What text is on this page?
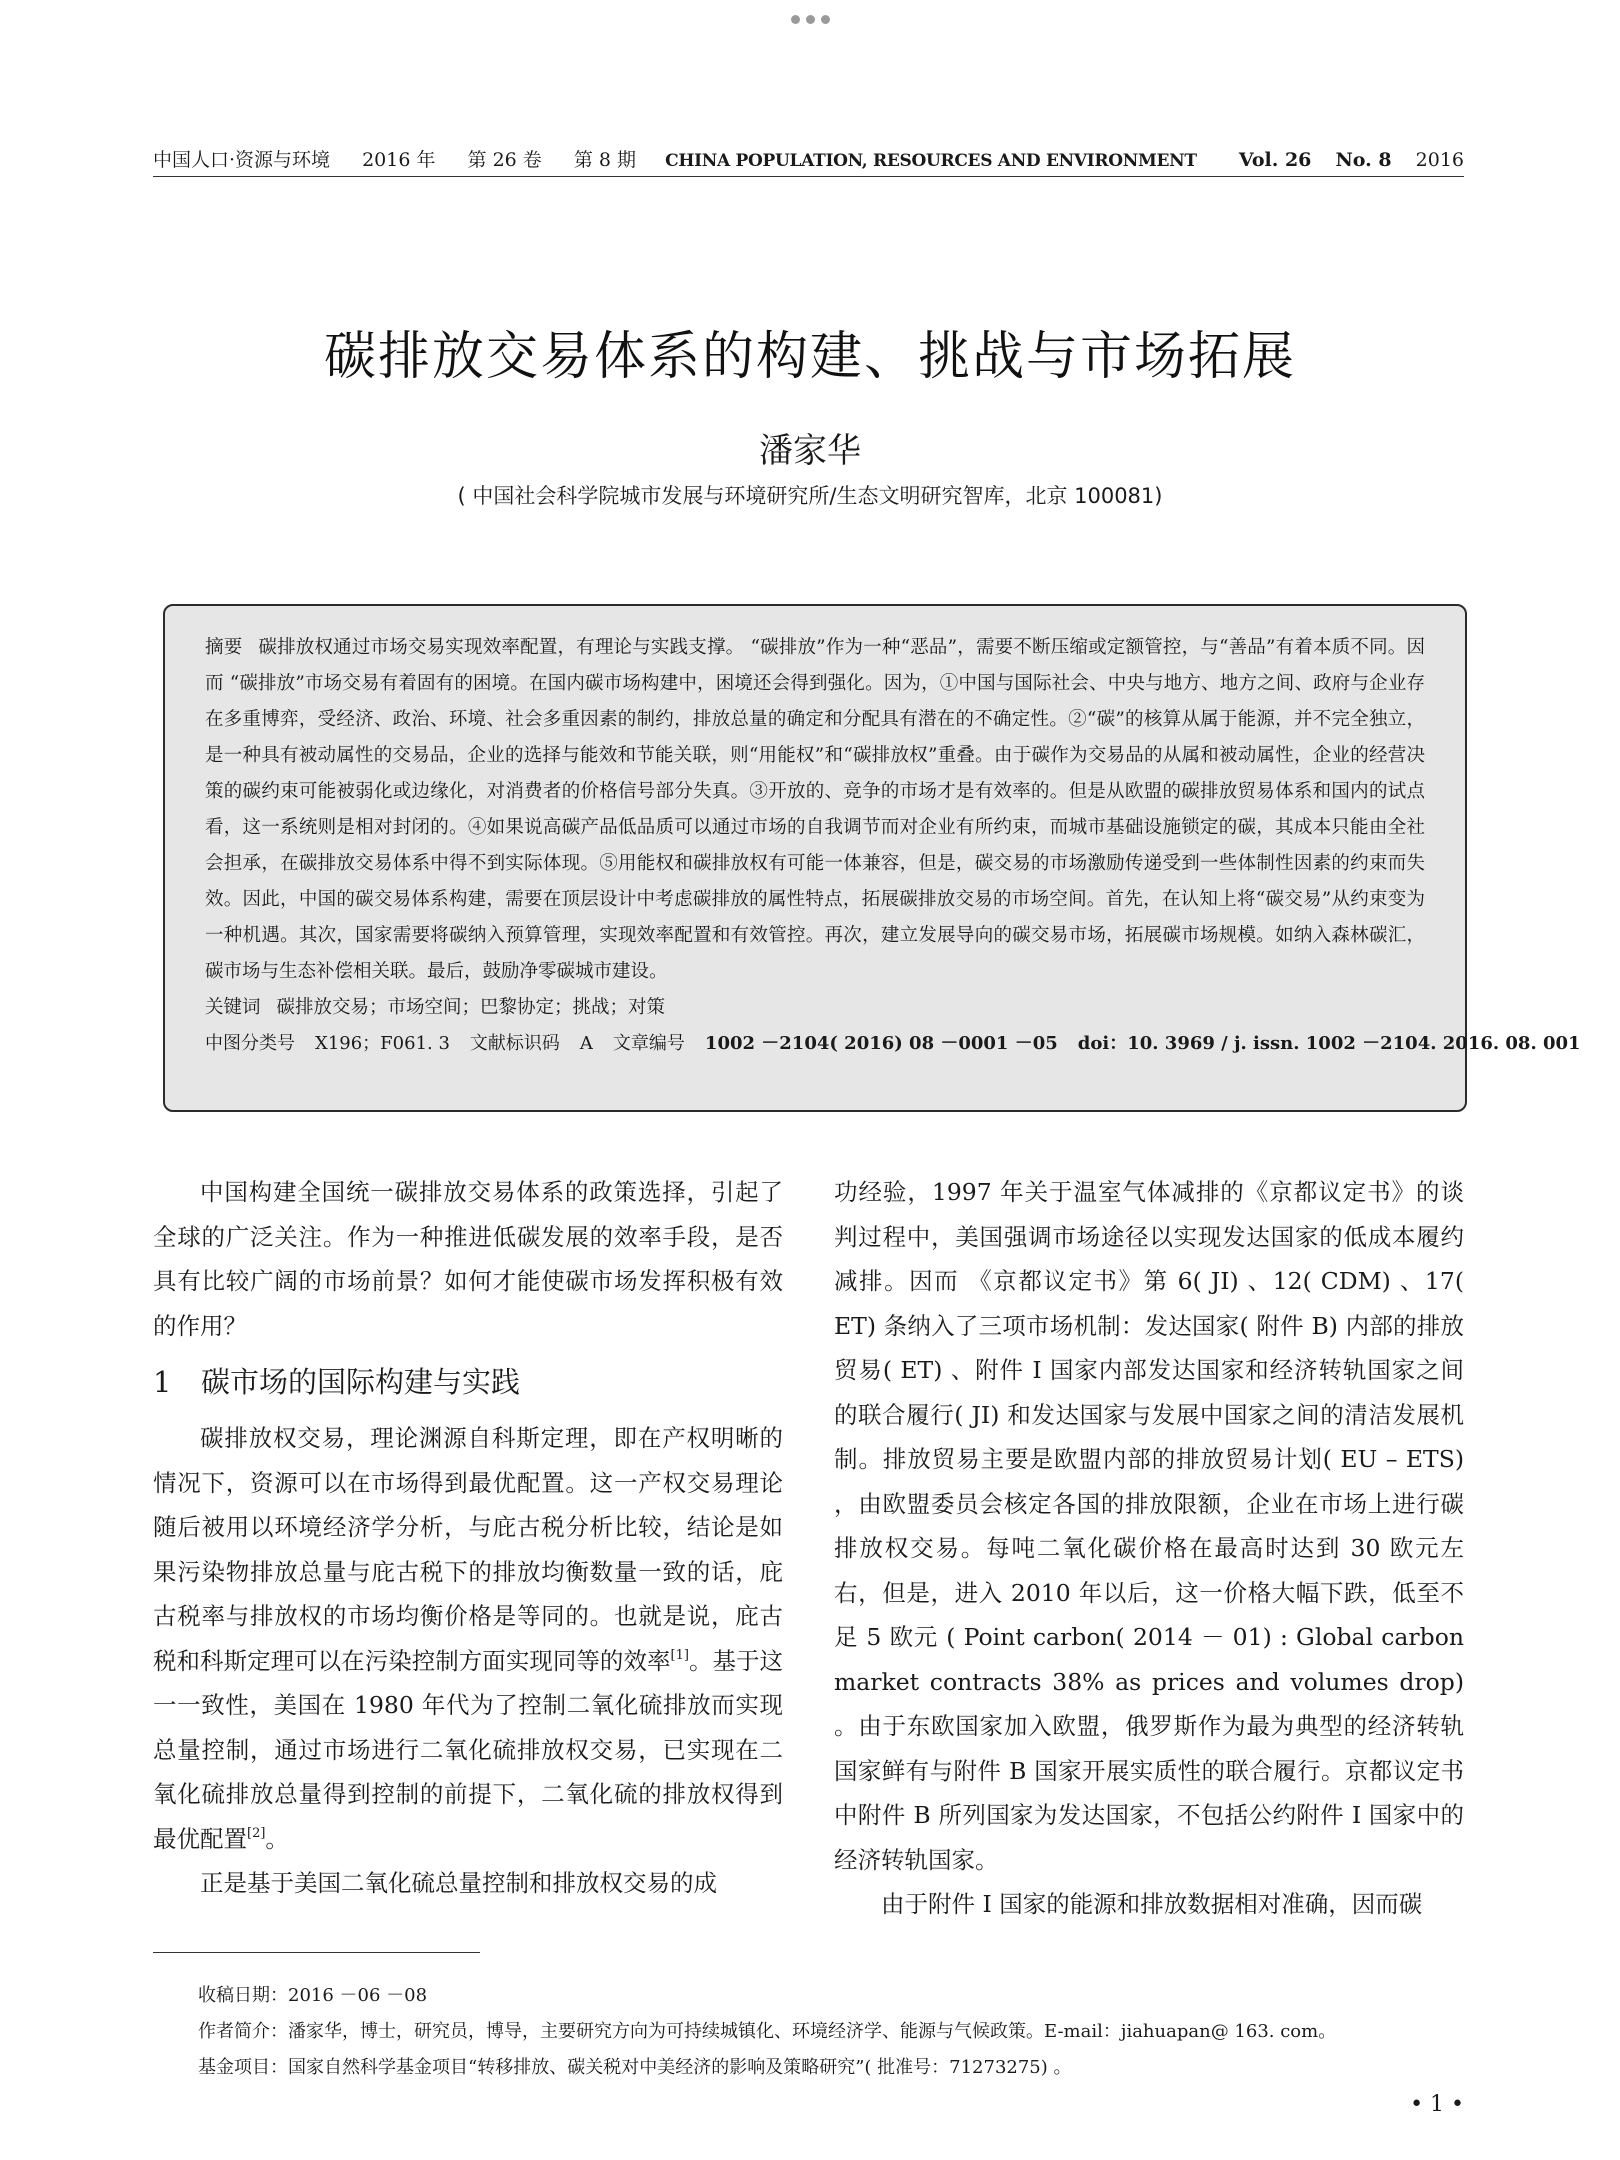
中国人口·资源与环境 2016 年 第 26 卷 第 8 期	CHINA POPULATION, RESOURCES AND ENVIRONMENT Vol. 26 No. 8 2016
碳排放交易体系的构建、挑战与市场拓展
潘家华
( 中国社会科学院城市发展与环境研究所/生态文明研究智库，北京 100081)
摘要 碳排放权通过市场交易实现效率配置，有理论与实践支撑。 “碳排放”作为一种“恶品”，需要不断压缩或定额管控，与“善品”有着本质不同。因而 “碳排放”市场交易有着固有的困境。在国内碳市场构建中，困境还会得到强化。因为，①中国与国际社会、中央与地方、地方之间、政府与企业存在多重博弈，受经济、政治、环境、社会多重因素的制约，排放总量的确定和分配具有潜在的不确定性。②“碳”的核算从属于能源，并不完全独立，是一种具有被动属性的交易品，企业的选择与能效和节能关联，则“用能权”和“碳排放权”重叠。由于碳作为交易品的从属和被动属性，企业的经营决策的碳约束可能被弱化或边缘化，对消费者的价格信号部分失真。③开放的、竞争的市场才是有效率的。但是从欧盟的碳排放贸易体系和国内的试点看，这一系统则是相对封闭的。④如果说高碳产品低品质可以通过市场的自我调节而对企业有所约束，而城市基础设施锁定的碳，其成本只能由全社会担承，在碳排放交易体系中得不到实际体现。⑤用能权和碳排放权有可能一体兼容，但是，碳交易的市场激励传递受到一些体制性因素的约束而失效。因此，中国的碳交易体系构建，需要在顶层设计中考虑碳排放的属性特点，拓展碳排放交易的市场空间。首先，在认知上将“碳交易”从约束变为一种机遇。其次，国家需要将碳纳入预算管理，实现效率配置和有效管控。再次，建立发展导向的碳交易市场，拓展碳市场规模。如纳入森林碳汇，碳市场与生态补偿相关联。最后，鼓励净零碳城市建设。
关键词 碳排放交易；市场空间；巴黎协定；挑战；对策
中图分类号 X196；F061. 3 文献标识码 A 文章编号 1002 －2104( 2016) 08 －0001 －05 doi：10. 3969 / j. issn. 1002 －2104. 2016. 08. 001

中国构建全国统一碳排放交易体系的政策选择，引起了全球的广泛关注。作为一种推进低碳发展的效率手段，是否具有比较广阔的市场前景？如何才能使碳市场发挥积极有效的作用？

1 碳市场的国际构建与实践

碳排放权交易，理论渊源自科斯定理，即在产权明晰的情况下，资源可以在市场得到最优配置。这一产权交易理论随后被用以环境经济学分析，与庇古税分析比较，结论是如果污染物排放总量与庇古税下的排放均衡数量一致的话，庇古税率与排放权的市场均衡价格是等同的。也就是说，庇古税和科斯定理可以在污染控制方面实现同等的效率[1]。基于这一一致性，美国在 1980 年代为了控制二氧化硫排放而实现总量控制，通过市场进行二氧化硫排放权交易，已实现在二氧化硫排放总量得到控制的前提下，二氧化硫的排放权得到最优配置[2]。

正是基于美国二氧化硫总量控制和排放权交易的成

功经验，1997 年关于温室气体减排的《京都议定书》的谈判过程中，美国强调市场途径以实现发达国家的低成本履约减排。因而 《京都议定书》第 6( JI) 、12( CDM) 、17( ET) 条纳入了三项市场机制：发达国家( 附件 B) 内部的排放贸易( ET) 、附件 I 国家内部发达国家和经济转轨国家之间的联合履行( JI) 和发达国家与发展中国家之间的清洁发展机制。排放贸易主要是欧盟内部的排放贸易计划( EU – ETS) ，由欧盟委员会核定各国的排放限额，企业在市场上进行碳排放权交易。每吨二氧化碳价格在最高时达到 30 欧元左右，但是，进入 2010 年以后，这一价格大幅下跌，低至不足 5 欧元 ( Point carbon( 2014 － 01) : Global carbon market contracts 38% as prices and volumes drop) 。由于东欧国家加入欧盟，俄罗斯作为最为典型的经济转轨国家鲜有与附件 B 国家开展实质性的联合履行。京都议定书中附件 B 所列国家为发达国家，不包括公约附件 I 国家中的经济转轨国家。

由于附件 I 国家的能源和排放数据相对准确，因而碳

收稿日期：2016 －06 －08
作者简介：潘家华，博士，研究员，博导，主要研究方向为可持续城镇化、环境经济学、能源与气候政策。E-mail：jiahuapan@ 163. com。
基金项目：国家自然科学基金项目“转移排放、碳关税对中美经济的影响及策略研究”( 批准号：71273275) 。
• 1 •
